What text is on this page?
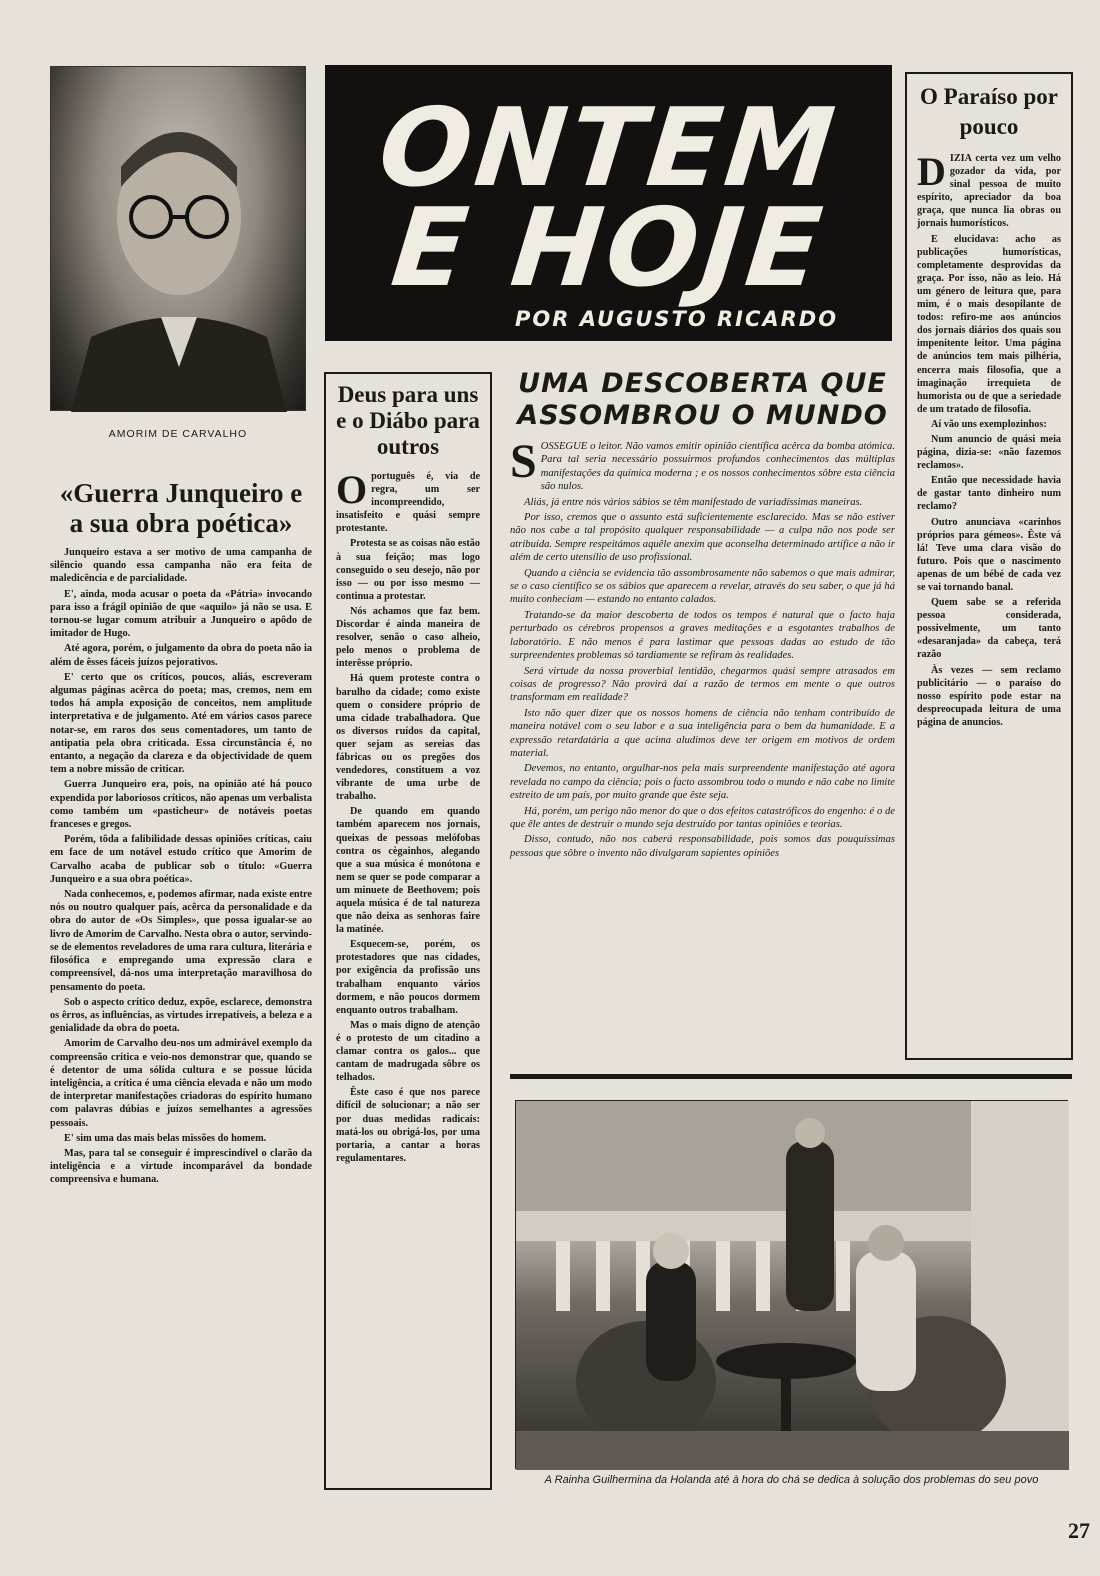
AMORIM DE CARVALHO
ONTEM
E HOJE
POR AUGUSTO RICARDO
«Guerra Junqueiro e a sua obra poética»

Junqueiro estava a ser motivo de uma campanha de silêncio quando essa campanha não era feita de maledicência e de parcialidade.

E', ainda, moda acusar o poeta da «Pátria» invocando para isso a frágil opinião de que «aquilo» já não se usa. E tornou-se lugar comum atribuir a Junqueiro o apôdo de imitador de Hugo.

Até agora, porém, o julgamento da obra do poeta não ia além de êsses fáceis juízos pejorativos.

E' certo que os críticos, poucos, aliás, escreveram algumas páginas acêrca do poeta; mas, cremos, nem em todos há ampla exposição de conceitos, nem amplitude interpretativa e de julgamento. Até em vários casos parece notar-se, em raros dos seus comentadores, um tanto de antipatia pela obra criticada. Essa circunstância é, no entanto, a negação da clareza e da objectividade de quem tem a nobre missão de criticar.

Guerra Junqueiro era, pois, na opinião até há pouco expendida por laboriosos críticos, não apenas um verbalista como também um «pasticheur» de notáveis poetas franceses e gregos.

Porém, tôda a falibilidade dessas opiniões críticas, caiu em face de um notável estudo crítico que Amorim de Carvalho acaba de publicar sob o título: «Guerra Junqueiro e a sua obra poética».

Nada conhecemos, e, podemos afirmar, nada existe entre nós ou noutro qualquer país, acêrca da personalidade e da obra do autor de «Os Simples», que possa igualar-se ao livro de Amorim de Carvalho. Nesta obra o autor, servindo-se de elementos reveladores de uma rara cultura, literária e filosófica e empregando uma expressão clara e compreensível, dá-nos uma interpretação maravilhosa do pensamento do poeta.

Sob o aspecto crítico deduz, expõe, esclarece, demonstra os êrros, as influências, as virtudes irrepatíveis, a beleza e a genialidade da obra do poeta.

Amorim de Carvalho deu-nos um admirável exemplo da compreensão crítica e veio-nos demonstrar que, quando se é detentor de uma sólida cultura e se possue lúcida inteligência, a crítica é uma ciência elevada e não um modo de interpretar manifestações criadoras do espírito humano com palavras dúbias e juízos semelhantes a agressões pessoais.

E' sim uma das mais belas missões do homem.

Mas, para tal se conseguir é imprescindível o clarão da inteligência e a virtude incomparável da bondade compreensiva e humana.

Deus para uns e o Diábo para outros
O português é, via de regra, um ser incompreendido, insatisfeito e quási sempre protestante.

Protesta se as coisas não estão à sua feição; mas logo conseguido o seu desejo, não por isso — ou por isso mesmo — continua a protestar.

Nós achamos que faz bem. Discordar é ainda maneira de resolver, senão o caso alheio, pelo menos o problema de interêsse próprio.

Há quem proteste contra o barulho da cidade; como existe quem o considere próprio de uma cidade trabalhadora. Que os diversos ruídos da capital, quer sejam as sereias das fábricas ou os pregões dos vendedores, constituem a voz vibrante de uma urbe de trabalho.

De quando em quando também aparecem nos jornais, queixas de pessoas melófobas contra os cègainhos, alegando que a sua música é monótona e nem se quer se pode comparar a um minuete de Beethovem; pois aquela música é de tal natureza que não deixa as senhoras faire la matinée.

Esquecem-se, porém, os protestadores que nas cidades, por exigência da profissão uns trabalham enquanto vários dormem, e não poucos dormem enquanto outros trabalham.

Mas o mais digno de atenção é o protesto de um citadino a clamar contra os galos... que cantam de madrugada sôbre os telhados.

Êste caso é que nos parece difícil de solucionar; a não ser por duas medidas radicais: matá-los ou obrigá-los, por uma portaria, a cantar a horas regulamentares.

UMA DESCOBERTA QUE ASSOMBROU O MUNDO
S OSSEGUE o leitor. Não vamos emitir opinião científica acêrca da bomba atómica. Para tal seria necessário possuirmos profundos conhecimentos das múltiplas manifestações da química moderna ; e os nossos conhecimentos sôbre esta ciência são nulos.

Aliás, já entre nós vários sábios se têm manifestado de variadíssimas maneiras.

Por isso, cremos que o assunto está suficientemente esclarecido. Mas se não estiver não nos cabe a tal propósito qualquer responsabilidade — a culpa não nos pode ser atribuída. Sempre respeitámos aquêle anexim que aconselha determinado artífice a não ir além de certo utensílio de uso profissional.

Quando a ciência se evidencia tão assombrosamente não sabemos o que mais admirar, se o caso científico se os sábios que aparecem a revelar, através do seu saber, o que já há muito conheciam — estando no entanto calados.

Tratando-se da maior descoberta de todos os tempos é natural que o facto haja perturbado os cérebros propensos a graves meditações e a esgotantes trabalhos de laboratório. E não menos é para lastimar que pessoas dadas ao estudo de tão surpreendentes problemas só tardiamente se refiram às realidades.

Será virtude da nossa proverbial lentidão, chegarmos quási sempre atrasados em coisas de progresso? Não provirá daí a razão de termos em mente o que outros transformam em realidade?

Isto não quer dizer que os nossos homens de ciência não tenham contribuído de maneira notável com o seu labor e a sua inteligência para o bem da humanidade. E a expressão retardatária a que acima aludimos deve ter origem em motivos de ordem material.

Devemos, no entanto, orgulhar-nos pela mais surpreendente manifestação até agora revelada no campo da ciência; pois o facto assombrou todo o mundo e não cabe no limite estreito de um país, por muito grande que êste seja.

Há, porém, um perigo não menor do que o dos efeitos catastróficos do engenho: é o de que êle antes de destruir o mundo seja destruído por tantas opiniões e teorias.

Disso, contudo, não nos caberá responsabilidade, pois somos das pouquíssimas pessoas que sôbre o invento não divulgaram sapientes opiniões

O Paraíso por pouco
D IZIA certa vez um velho gozador da vida, por sinal pessoa de muito espírito, apreciador da boa graça, que nunca lia obras ou jornais humorísticos.

E elucidava: acho as publicações humorísticas, completamente desprovidas da graça. Por isso, não as leio. Há um género de leitura que, para mim, é o mais desopilante de todos: refiro-me aos anúncios dos jornais diários dos quais sou impenitente leitor. Uma página de anúncios tem mais pilhéria, encerra mais filosofia, que a imaginação irrequieta de humorista ou de que a seriedade de um tratado de filosofia.

Aí vão uns exemplozinhos:

Num anuncio de quási meia página, dizia-se: «não fazemos reclamos».

Então que necessidade havia de gastar tanto dinheiro num reclamo?

Outro anunciava «carinhos próprios para gémeos». Êste vá lá! Teve uma clara visão do futuro. Pois que o nascimento apenas de um bébé de cada vez se vai tornando banal.

Quem sabe se a referida pessoa considerada, possivelmente, um tanto «desaranjada» da cabeça, terá razão

Às vezes — sem reclamo publicitário — o paraíso do nosso espírito pode estar na despreocupada leitura de uma página de anuncios.

A Rainha Guilhermina da Holanda até à hora do chá se dedica à solução dos problemas do seu povo
27
